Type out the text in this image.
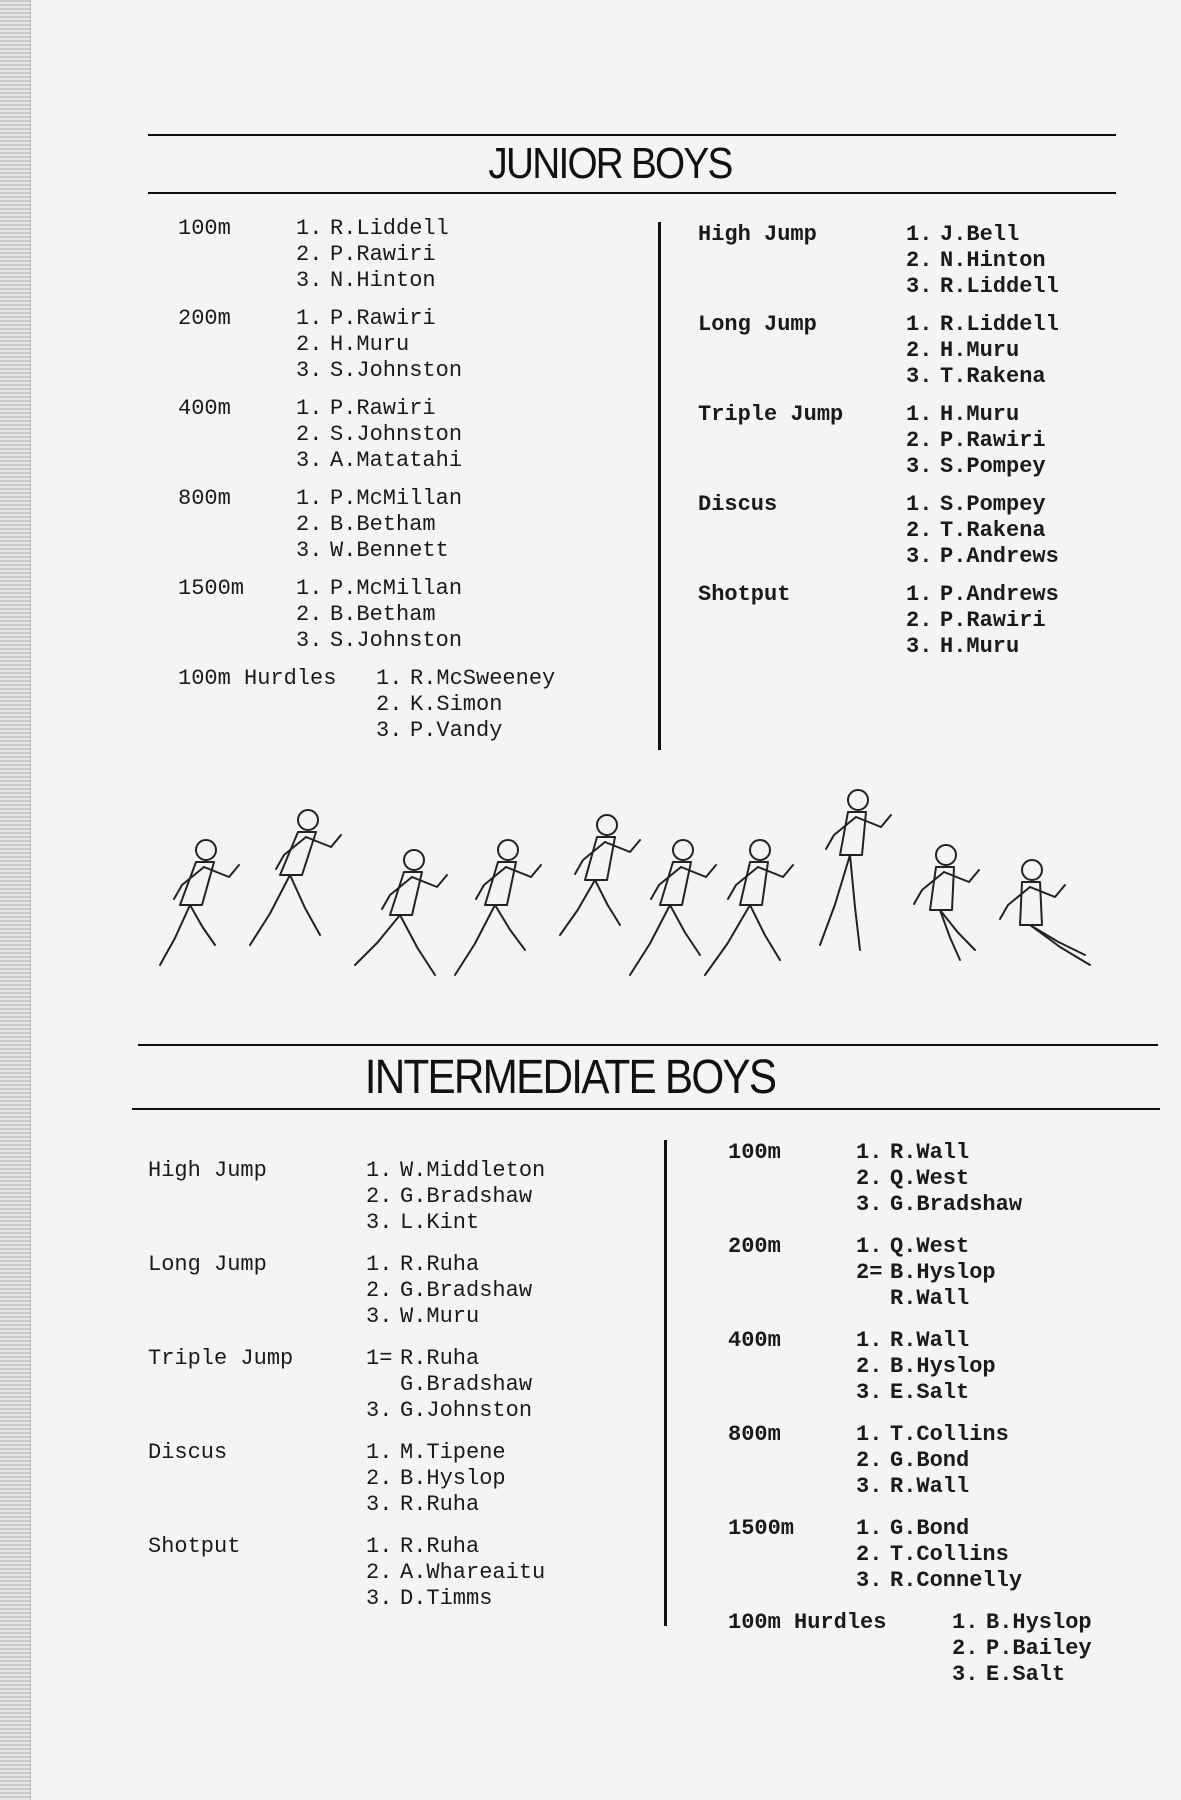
JUNIOR BOYS
100m	1. R.Liddell
2. P.Rawiri
3. N.Hinton
200m	1. P.Rawiri
2. H.Muru
3. S.Johnston
400m	1. P.Rawiri
2. S.Johnston
3. A.Matatahi
800m	1. P.McMillan
2. B.Betham
3. W.Bennett
1500m 1. P.McMillan
2. B.Betham
3. S.Johnston
100m Hurdles 1. R.McSweeney
2. K.Simon
3. P.Vandy
High Jump	1. J.Bell
2. N.Hinton
3. R.Liddell
Long Jump	1. R.Liddell
2. H.Muru
3. T.Rakena
Triple Jump	1. H.Muru
2. P.Rawiri
3. S.Pompey
Discus	1. S.Pompey
2. T.Rakena
3. P.Andrews
Shotput	1. P.Andrews
2. P.Rawiri
3. H.Muru
INTERMEDIATE BOYS
High Jump	1. W.Middleton
2. G.Bradshaw
3. L.Kint
Long Jump	1. R.Ruha
2. G.Bradshaw
3. W.Muru
Triple Jump	1= R.Ruha
G.Bradshaw
3. G.Johnston
Discus	1. M.Tipene
2. B.Hyslop
3. R.Ruha
Shotput	1. R.Ruha
2. A.Whareaitu
3. D.Timms
100m	1. R.Wall
2. Q.West
3. G.Bradshaw
200m	1. Q.West
2= B.Hyslop
R.Wall
400m	1. R.Wall
2. B.Hyslop
3. E.Salt
800m	1. T.Collins
2. G.Bond
3. R.Wall
1500m	1. G.Bond
2. T.Collins
3. R.Connelly
100m Hurdles	1. B.Hyslop
2. P.Bailey
3. E.Salt
